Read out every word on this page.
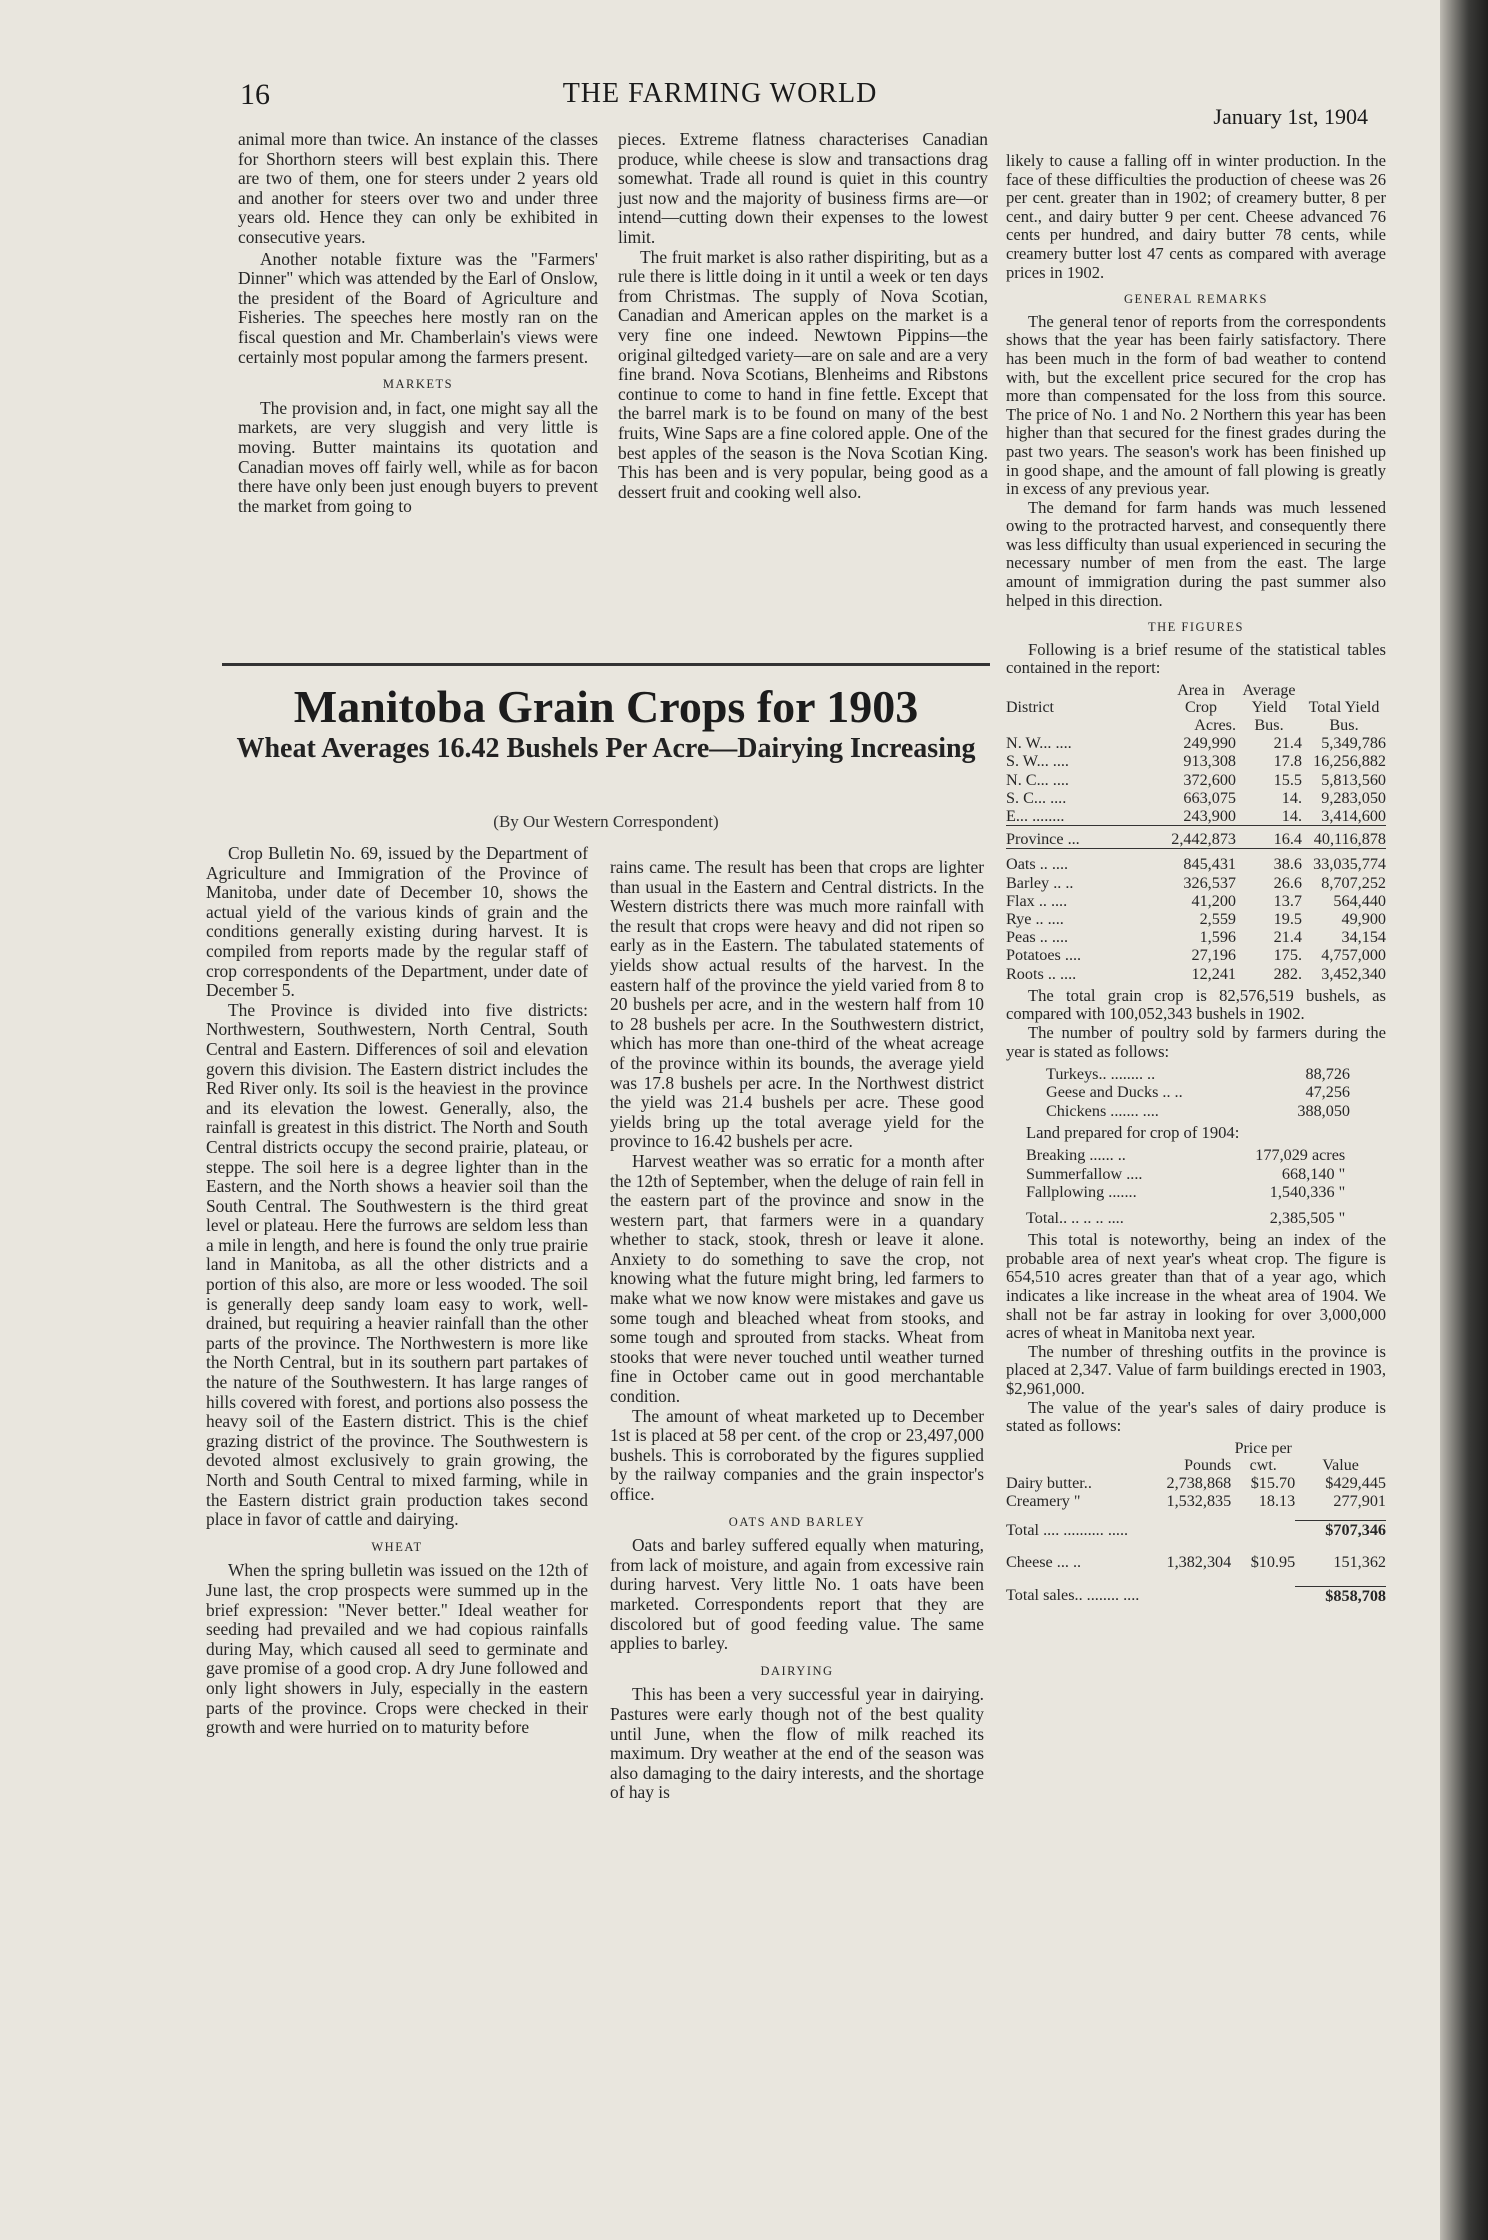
16	THE FARMING WORLD
January 1st, 1904

animal more than twice. An instance of the classes for Shorthorn steers will best explain this. There are two of them, one for steers under 2 years old and another for steers over two and under three years old. Hence they can only be exhibited in consecutive years.

Another notable fixture was the "Farmers' Dinner" which was attended by the Earl of Onslow, the president of the Board of Agriculture and Fisheries. The speeches here mostly ran on the fiscal question and Mr. Chamberlain's views were certainly most popular among the farmers present.

MARKETS

The provision and, in fact, one might say all the markets, are very sluggish and very little is moving. Butter maintains its quotation and Canadian moves off fairly well, while as for bacon there have only been just enough buyers to prevent the market from going to

pieces. Extreme flatness characterises Canadian produce, while cheese is slow and transactions drag somewhat. Trade all round is quiet in this country just now and the majority of business firms are—or intend—cutting down their expenses to the lowest limit.

The fruit market is also rather dispiriting, but as a rule there is little doing in it until a week or ten days from Christmas. The supply of Nova Scotian, Canadian and American apples on the market is a very fine one indeed. Newtown Pippins—the original giltedged variety—are on sale and are a very fine brand. Nova Scotians, Blenheims and Ribstons continue to come to hand in fine fettle. Except that the barrel mark is to be found on many of the best fruits, Wine Saps are a fine colored apple. One of the best apples of the season is the Nova Scotian King. This has been and is very popular, being good as a dessert fruit and cooking well also.

Manitoba Grain Crops for 1903
Wheat Averages 16.42 Bushels Per Acre—Dairying Increasing
(By Our Western Correspondent)

Crop Bulletin No. 69, issued by the Department of Agriculture and Immigration of the Province of Manitoba, under date of December 10, shows the actual yield of the various kinds of grain and the conditions generally existing during harvest. It is compiled from reports made by the regular staff of crop correspondents of the Department, under date of December 5.

The Province is divided into five districts: Northwestern, Southwestern, North Central, South Central and Eastern. Differences of soil and elevation govern this division. The Eastern district includes the Red River only. Its soil is the heaviest in the province and its elevation the lowest. Generally, also, the rainfall is greatest in this district. The North and South Central districts occupy the second prairie, plateau, or steppe. The soil here is a degree lighter than in the Eastern, and the North shows a heavier soil than the South Central. The Southwestern is the third great level or plateau. Here the furrows are seldom less than a mile in length, and here is found the only true prairie land in Manitoba, as all the other districts and a portion of this also, are more or less wooded. The soil is generally deep sandy loam easy to work, well-drained, but requiring a heavier rainfall than the other parts of the province. The Northwestern is more like the North Central, but in its southern part partakes of the nature of the Southwestern. It has large ranges of hills covered with forest, and portions also possess the heavy soil of the Eastern district. This is the chief grazing district of the province. The Southwestern is devoted almost exclusively to grain growing, the North and South Central to mixed farming, while in the Eastern district grain production takes second place in favor of cattle and dairying.

WHEAT

When the spring bulletin was issued on the 12th of June last, the crop prospects were summed up in the brief expression: "Never better." Ideal weather for seeding had prevailed and we had copious rainfalls during May, which caused all seed to germinate and gave promise of a good crop. A dry June followed and only light showers in July, especially in the eastern parts of the province. Crops were checked in their growth and were hurried on to maturity before

rains came. The result has been that crops are lighter than usual in the Eastern and Central districts. In the Western districts there was much more rainfall with the result that crops were heavy and did not ripen so early as in the Eastern. The tabulated statements of yields show actual results of the harvest. In the eastern half of the province the yield varied from 8 to 20 bushels per acre, and in the western half from 10 to 28 bushels per acre. In the Southwestern district, which has more than one-third of the wheat acreage of the province within its bounds, the average yield was 17.8 bushels per acre. In the Northwest district the yield was 21.4 bushels per acre. These good yields bring up the total average yield for the province to 16.42 bushels per acre.

Harvest weather was so erratic for a month after the 12th of September, when the deluge of rain fell in the eastern part of the province and snow in the western part, that farmers were in a quandary whether to stack, stook, thresh or leave it alone. Anxiety to do something to save the crop, not knowing what the future might bring, led farmers to make what we now know were mistakes and gave us some tough and bleached wheat from stooks, and some tough and sprouted from stacks. Wheat from stooks that were never touched until weather turned fine in October came out in good merchantable condition.

The amount of wheat marketed up to December 1st is placed at 58 per cent. of the crop or 23,497,000 bushels. This is corroborated by the figures supplied by the railway companies and the grain inspector's office.

OATS AND BARLEY

Oats and barley suffered equally when maturing, from lack of moisture, and again from excessive rain during harvest. Very little No. 1 oats have been marketed. Correspondents report that they are discolored but of good feeding value. The same applies to barley.

DAIRYING

This has been a very successful year in dairying. Pastures were early though not of the best quality until June, when the flow of milk reached its maximum. Dry weather at the end of the season was also damaging to the dairy interests, and the shortage of hay is

likely to cause a falling off in winter production. In the face of these difficulties the production of cheese was 26 per cent. greater than in 1902; of creamery butter, 8 per cent., and dairy butter 9 per cent. Cheese advanced 76 cents per hundred, and dairy butter 78 cents, while creamery butter lost 47 cents as compared with average prices in 1902.

GENERAL REMARKS

The general tenor of reports from the correspondents shows that the year has been fairly satisfactory. There has been much in the form of bad weather to contend with, but the excellent price secured for the crop has more than compensated for the loss from this source. The price of No. 1 and No. 2 Northern this year has been higher than that secured for the finest grades during the past two years. The season's work has been finished up in good shape, and the amount of fall plowing is greatly in excess of any previous year.

The demand for farm hands was much lessened owing to the protracted harvest, and consequently there was less difficulty than usual experienced in securing the necessary number of men from the east. The large amount of immigration during the past summer also helped in this direction.

THE FIGURES

Following is a brief resume of the statistical tables contained in the report:

District	Area in Crop	Average Yield	Total Yield
	Acres.	Bus.	Bus.
N. W... ....	249,990	21.4	5,349,786
S. W... ....	913,308	17.8	16,256,882
N. C... ....	372,600	15.5	5,813,560
S. C... ....	663,075	14.	9,283,050
E... ........	243,900	14.	3,414,600
Province ...	2,442,873	16.4	40,116,878

Oats .. ....	845,431	38.6	33,035,774
Barley .. ..	326,537	26.6	8,707,252
Flax .. ....	41,200	13.7	564,440
Rye .. ....	2,559	19.5	49,900
Peas .. ....	1,596	21.4	34,154
Potatoes ....	27,196	175.	4,757,000
Roots .. ....	12,241	282.	3,452,340

The total grain crop is 82,576,519 bushels, as compared with 100,052,343 bushels in 1902.

The number of poultry sold by farmers during the year is stated as follows:

Turkeys.. ........ ..	88,726
Geese and Ducks .. ..	47,256
Chickens ....... ....	388,050
Land prepared for crop of 1904:
Breaking ...... ..	177,029 acres
Summerfallow ....	668,140 "
Fallplowing .......	1,540,336 "

Total.. .. .. .. ....	2,385,505 "

This total is noteworthy, being an index of the probable area of next year's wheat crop. The figure is 654,510 acres greater than that of a year ago, which indicates a like increase in the wheat area of 1904. We shall not be far astray in looking for over 3,000,000 acres of wheat in Manitoba next year.

The number of threshing outfits in the province is placed at 2,347. Value of farm buildings erected in 1903, $2,961,000.

The value of the year's sales of dairy produce is stated as follows:

	Pounds	Price per cwt.	Value
Dairy butter..	2,738,868	$15.70	$429,445
Creamery "	1,532,835	18.13	277,901

Total .... .......... .....			$707,346

Cheese ... ..	1,382,304	$10.95	151,362

Total sales.. ........ ....			$858,708
